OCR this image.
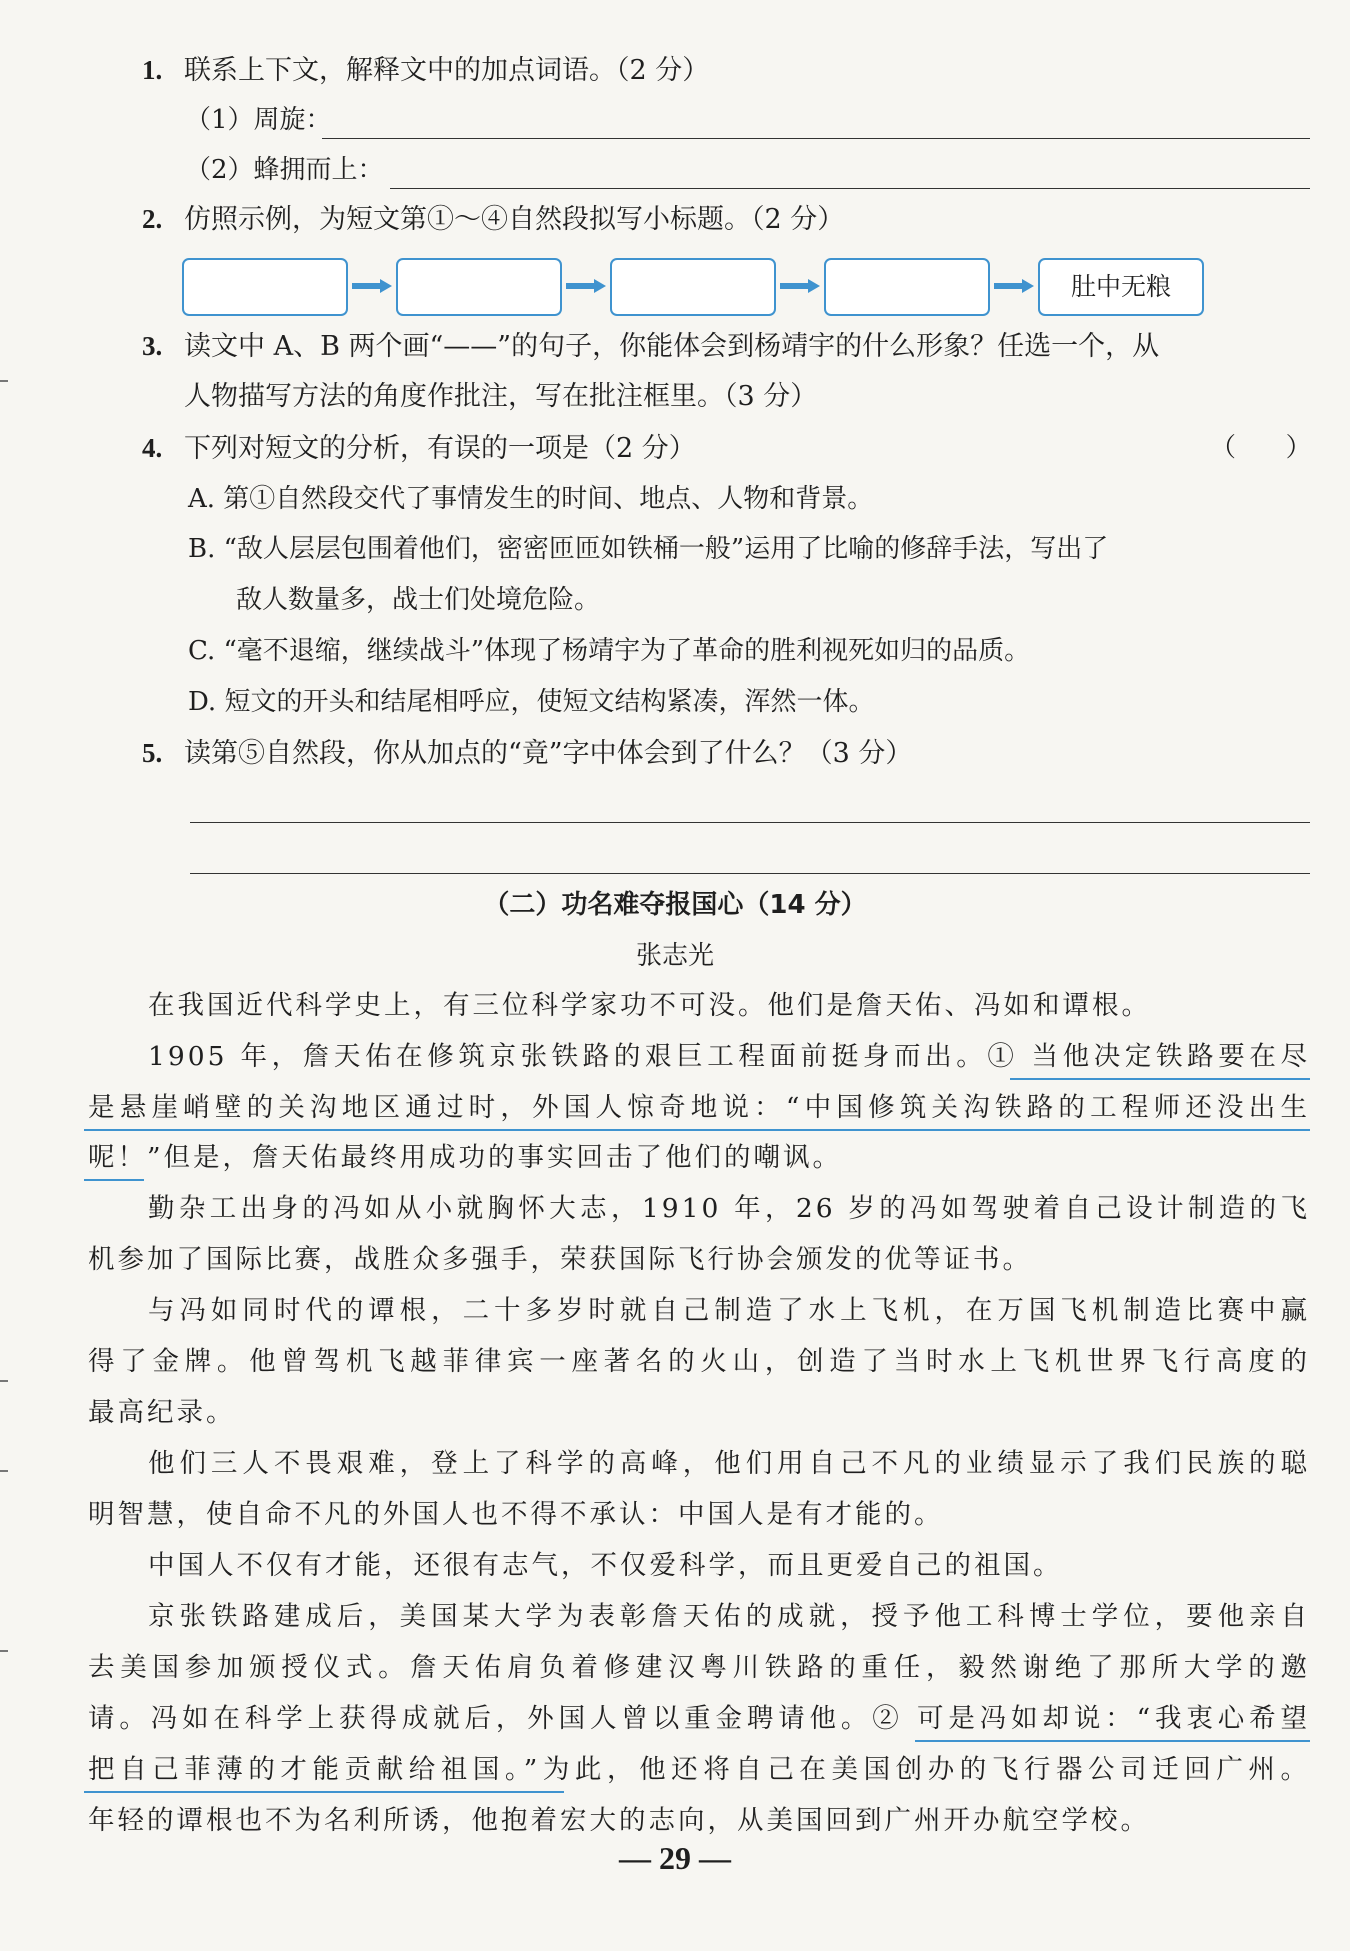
1. 联系上下文，解释文中的加点词语。（2 分）
（1）周旋：
（2）蜂拥而上：
2. 仿照示例，为短文第①～④自然段拟写小标题。（2 分）
肚中无粮
3. 读文中 A、B 两个画“——”的句子，你能体会到杨靖宇的什么形象？任选一个，从
人物描写方法的角度作批注，写在批注框里。（3 分）
4. 下列对短文的分析，有误的一项是（2 分）	（      ）
A. 第①自然段交代了事情发生的时间、地点、人物和背景。
B. “敌人层层包围着他们，密密匝匝如铁桶一般”运用了比喻的修辞手法，写出了
敌人数量多，战士们处境危险。
C. “毫不退缩，继续战斗”体现了杨靖宇为了革命的胜利视死如归的品质。
D. 短文的开头和结尾相呼应，使短文结构紧凑，浑然一体。
5. 读第⑤自然段，你从加点的“竟”字中体会到了什么？（3 分）
（二）功名难夺报国心（14 分）
张志光
在我国近代科学史上，有三位科学家功不可没。他们是詹天佑、冯如和谭根。
1905 年，詹天佑在修筑京张铁路的艰巨工程面前挺身而出。① 当他决定铁路要在尽
是悬崖峭壁的关沟地区通过时，外国人惊奇地说：“中国修筑关沟铁路的工程师还没出生
呢！”但是，詹天佑最终用成功的事实回击了他们的嘲讽。
勤杂工出身的冯如从小就胸怀大志，1910 年，26 岁的冯如驾驶着自己设计制造的飞
机参加了国际比赛，战胜众多强手，荣获国际飞行协会颁发的优等证书。
与冯如同时代的谭根，二十多岁时就自己制造了水上飞机，在万国飞机制造比赛中赢
得了金牌。他曾驾机飞越菲律宾一座著名的火山，创造了当时水上飞机世界飞行高度的
最高纪录。
他们三人不畏艰难，登上了科学的高峰，他们用自己不凡的业绩显示了我们民族的聪
明智慧，使自命不凡的外国人也不得不承认：中国人是有才能的。
中国人不仅有才能，还很有志气，不仅爱科学，而且更爱自己的祖国。
京张铁路建成后，美国某大学为表彰詹天佑的成就，授予他工科博士学位，要他亲自
去美国参加颁授仪式。詹天佑肩负着修建汉粤川铁路的重任，毅然谢绝了那所大学的邀
请。冯如在科学上获得成就后，外国人曾以重金聘请他。② 可是冯如却说：“我衷心希望
把自己菲薄的才能贡献给祖国。”为此，他还将自己在美国创办的飞行器公司迁回广州。
年轻的谭根也不为名利所诱，他抱着宏大的志向，从美国回到广州开办航空学校。
— 29 —
